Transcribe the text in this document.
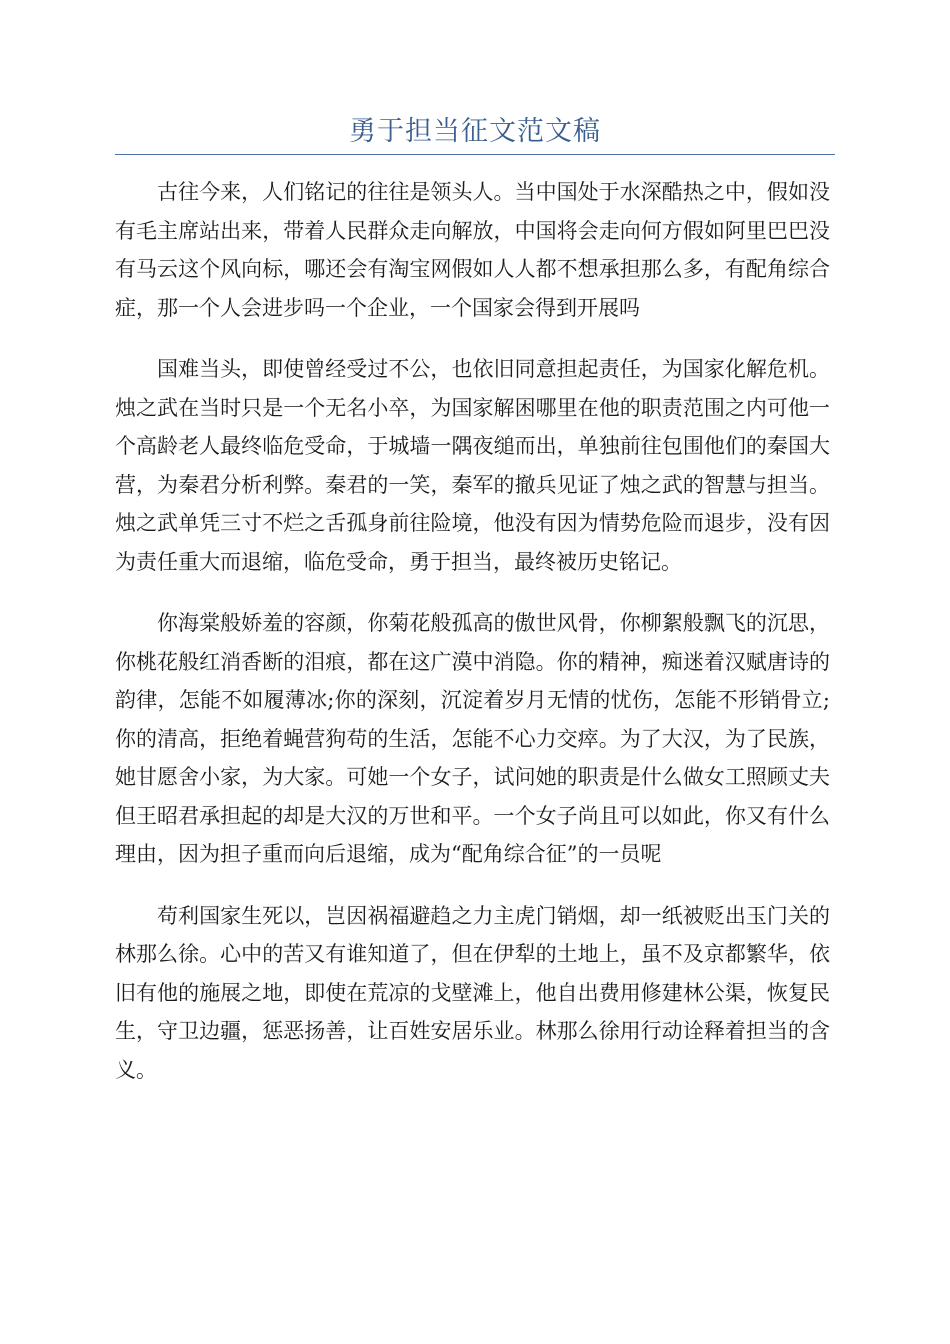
勇于担当征文范文稿

古往今来，人们铭记的往往是领头人。当中国处于水深酷热之中，假如没有毛主席站出来，带着人民群众走向解放，中国将会走向何方假如阿里巴巴没有马云这个风向标，哪还会有淘宝网假如人人都不想承担那么多，有配角综合症，那一个人会进步吗一个企业，一个国家会得到开展吗

国难当头，即使曾经受过不公，也依旧同意担起责任，为国家化解危机。烛之武在当时只是一个无名小卒，为国家解困哪里在他的职责范围之内可他一个高龄老人最终临危受命，于城墙一隅夜缒而出，单独前往包围他们的秦国大营，为秦君分析利弊。秦君的一笑，秦军的撤兵见证了烛之武的智慧与担当。烛之武单凭三寸不烂之舌孤身前往险境，他没有因为情势危险而退步，没有因为责任重大而退缩，临危受命，勇于担当，最终被历史铭记。

你海棠般娇羞的容颜，你菊花般孤高的傲世风骨，你柳絮般飘飞的沉思，你桃花般红消香断的泪痕，都在这广漠中消隐。你的精神，痴迷着汉赋唐诗的韵律，怎能不如履薄冰;你的深刻，沉淀着岁月无情的忧伤，怎能不形销骨立;你的清高，拒绝着蝇营狗苟的生活，怎能不心力交瘁。为了大汉，为了民族，她甘愿舍小家，为大家。可她一个女子，试问她的职责是什么做女工照顾丈夫但王昭君承担起的却是大汉的万世和平。一个女子尚且可以如此，你又有什么理由，因为担子重而向后退缩，成为“配角综合征”的一员呢

苟利国家生死以，岂因祸福避趋之力主虎门销烟，却一纸被贬出玉门关的林那么徐。心中的苦又有谁知道了，但在伊犁的土地上，虽不及京都繁华，依旧有他的施展之地，即使在荒凉的戈壁滩上，他自出费用修建林公渠，恢复民生，守卫边疆，惩恶扬善，让百姓安居乐业。林那么徐用行动诠释着担当的含义。
